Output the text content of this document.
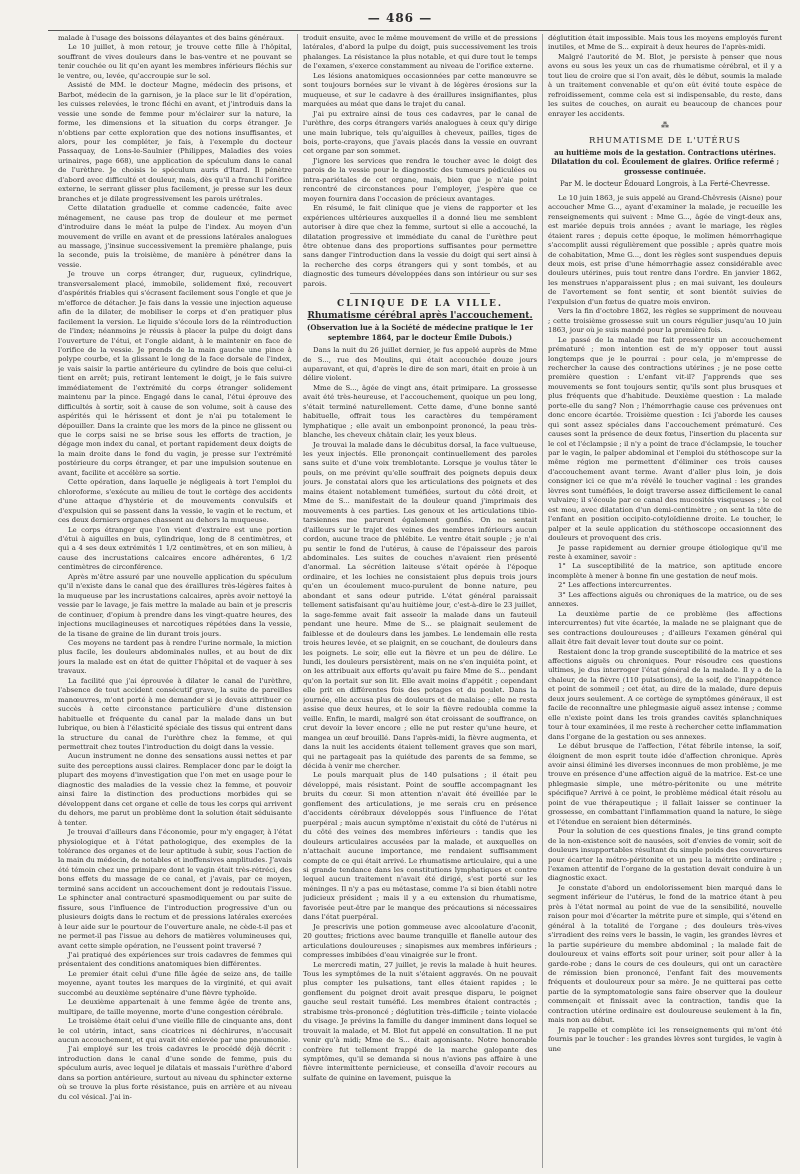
— 486 —

malade à l'usage des boissons délayantes et des bains généraux.

Le 10 juillet, à mon retour, je trouve cette fille à l'hôpital, souffrant de vives douleurs dans le bas-ventre et ne pouvant se tenir couchée ou lit qu'en ayant les membres inférieurs fléchis sur le ventre, ou, levée, qu'accroupie sur le sol.

Assisté de MM. le docteur Magne, médecin des prisons, et Barbot, médecin de la garnison, je la place sur le lit d'opération, les cuisses relevées, le tronc fléchi en avant, et j'introduis dans la vessie une sonde de femme pour m'éclairer sur la nature, la forme, les dimensions et la situation du corps étranger. Je n'obtiens par cette exploration que des notions insuffisantes, et alors, pour les compléter, je fais, à l'exemple du docteur Passaquay, de Lons-le-Saulnier (Philippes, Maladies des voies urinaires, page 668), une application de spéculum dans le canal de l'urèthre. Je choisis le spéculum auris d'Itard. Il pénètre d'abord avec difficulté et douleur, mais, dès qu'il a franchi l'orifice externe, le serrant glisser plus facilement, je presse sur les deux branches et je dilate progressivement les parois urétrales.

Cette dilatation graduelle et comme cadencée, faite avec ménagement, ne cause pas trop de douleur et me permet d'introduire dans le méat la pulpe de l'index. Au moyen d'un mouvement de vrille en avant et de pressions latérales analogues au massage, j'insinue successivement la première phalange, puis la seconde, puis la troisième, de manière à pénétrer dans la vessie.

Je trouve un corps étranger, dur, rugueux, cylindrique, transversalement placé, immobile, solidement fixé, recouvert d'aspérités friables qui s'écrasent facilement sous l'ongle et que je m'efforce de détacher. Je fais dans la vessie une injection aqueuse afin de la dilater, de mobiliser le corps et d'en pratiquer plus facilement la version. Le liquide s'écoule lors de la réintroduction de l'index; néanmoins je réussis à placer la pulpe du doigt dans l'ouverture de l'étui, et l'ongle aidant, à le maintenir en face de l'orifice de la vessie. Je prends de la main gauche une pince à polype courbe, et la glissant le long de la face dorsale de l'index, je vais saisir la partie antérieure du cylindre de bois que celui-ci tient en arrêt; puis, retirant lentement le doigt, je le fais suivre immédiatement de l'extrémité du corps étranger solidement maintenu par la pince. Engagé dans le canal, l'étui éprouve des difficultés à sortir, soit à cause de son volume, soit à cause des aspérités qui le hérissent et dont je n'ai pu totalement le dépouiller. Dans la crainte que les mors de la pince ne glissent ou que le corps saisi ne se brise sous les efforts de traction, je dégage mon index du canal, et portant rapidement deux doigts de la main droite dans le fond du vagin, je presse sur l'extrémité postérieure du corps étranger, et par une impulsion soutenue en avant, facilite et accélère sa sortie.

Cette opération, dans laquelle je négligeais à tort l'emploi du chloroforme, s'exécute au milieu de tout le cortège des accidents d'une attaque d'hystérie et de mouvements convulsifs et d'expulsion qui se passent dans la vessie, le vagin et le rectum, et ces deux derniers organes chassent au dehors la muqueuse.

Le corps étranger que l'on vient d'extraire est une portion d'étui à aiguilles en buis, cylindrique, long de 8 centimètres, et qui a 4 ses deux extrémités 1 1/2 centimètres, et en son milieu, à cause des incrustations calcaires encore adhérentes, 6 1/2 centimètres de circonférence.

Après m'être assuré par une nouvelle application du spéculum qu'il n'existe dans le canal que des éraillures très-légères faites à la muqueuse par les incrustations calcaires, après avoir nettoyé la vessie par le lavage, je fais mettre la malade au bain et je prescris de continuer, d'opium à prendre dans les vingt-quatre heures, des injections mucilagineuses et narcotiques répétées dans la vessie, de la tisane de graine de lin durant trois jours.

Ces moyens ne tardent pas à rendre l'urine normale, la miction plus facile, les douleurs abdominales nulles, et au bout de dix jours la malade est en état de quitter l'hôpital et de vaquer à ses travaux.

La facilité que j'ai éprouvée à dilater le canal de l'urèthre, l'absence de tout accident consécutif grave, la suite de pareilles manœuvres, m'ont porté à me demander si je devais attribuer ce succès à cette circonstance particulière d'une distension habituelle et fréquente du canal par la malade dans un but lubrique, ou bien à l'élasticité spéciale des tissus qui entrent dans la structure du canal de l'urèthre chez la femme, et qui permettrait chez toutes l'introduction du doigt dans la vessie.

Aucun instrument ne donne des sensations aussi nettes et par suite des perceptions aussi claires. Remplacer donc par le doigt la plupart des moyens d'investigation que l'on met en usage pour le diagnostic des maladies de la vessie chez la femme, et pouvoir ainsi faire la distinction des productions morbides qui se développent dans cet organe et celle de tous les corps qui arrivent du dehors, me parut un problème dont la solution était séduisante à tenter.

Je trouvai d'ailleurs dans l'économie, pour m'y engager, à l'état physiologique et à l'état pathologique, des exemples de la tolérance des organes et de leur aptitude à subir, sous l'action de la main du médecin, de notables et inoffensives amplitudes. J'avais été témoin chez une primipare dont le vagin était très-rétréci, des bons effets du massage de ce canal, et j'avais, par ce moyen, terminé sans accident un accouchement dont je redoutais l'issue. Le sphincter anal contracturé spasmodiquement ou par suite de fissure, sous l'influence de l'introduction progressive d'un ou plusieurs doigts dans le rectum et de pressions latérales exercées à leur aide sur le pourtour de l'ouverture anale, ne cède-t-il pas et ne permet-il pas l'issue au dehors de matières volumineuses qui, avant cette simple opération, ne l'eussent point traversé ?

J'ai pratiqué des expériences sur trois cadavres de femmes qui présentaient des conditions anatomiques bien différentes.

Le premier était celui d'une fille âgée de seize ans, de taille moyenne, ayant toutes les marques de la virginité, et qui avait succombé au deuxième septénaire d'une fièvre typhoïde.

Le deuxième appartenait à une femme âgée de trente ans, multipare, de taille moyenne, morte d'une congestion cérébrale.

Le troisième était celui d'une vieille fille de cinquante ans, dont le col utérin, intact, sans cicatrices ni déchirures, n'accusait aucun accouchement, et qui avait été enlevée par une pneumonie.

J'ai employé sur les trois cadavres le procédé déjà décrit : introduction dans le canal d'une sonde de femme, puis du spéculum auris, avec lequel je dilatais et massais l'urèthre d'abord dans sa portion antérieure, surtout au niveau du sphincter externe où se trouve la plus forte résistance, puis en arrière et au niveau du col vésical. J'ai in-

troduit ensuite, avec le même mouvement de vrille et de pressions latérales, d'abord la pulpe du doigt, puis successivement les trois phalanges. La résistance la plus notable, et qui dure tout le temps de l'examen, s'exerce constamment au niveau de l'orifice externe.

Les lésions anatomiques occasionnées par cette manœuvre se sont toujours bornées sur le vivant à de légères érosions sur la muqueuse, et sur le cadavre à des éraillures insignifiantes, plus marquées au méat que dans le trajet du canal.

J'ai pu extraire ainsi de tous ces cadavres, par le canal de l'urèthre, des corps étrangers variés analogues à ceux qu'y dirige une main lubrique, tels qu'aiguilles à cheveux, pailles, tiges de bois, porte-crayons, que j'avais placés dans la vessie en ouvrant cet organe par son sommet.

J'ignore les services que rendra le toucher avec le doigt des parois de la vessie pour le diagnostic des tumeurs pédiculées ou intra-pariétales de cet organe, mais, bien que je n'aie point rencontré de circonstances pour l'employer, j'espère que ce moyen fournira dans l'occasion de précieux avantages.

En résumé, le fait clinique que je viens de rapporter et les expériences ultérieures auxquelles il a donné lieu me semblent autoriser à dire que chez la femme, surtout si elle a accouché, la dilatation progressive et immédiate du canal de l'urèthre peut être obtenue dans des proportions suffisantes pour permettre sans danger l'introduction dans la vessie du doigt qui sert ainsi à la recherche des corps étrangers qui y sont tombés, et au diagnostic des tumeurs développées dans son intérieur ou sur ses parois.

CLINIQUE DE LA VILLE.
Rhumatisme cérébral après l'accouchement.
(Observation lue à la Société de médecine pratique le 1er septembre 1864, par le docteur Émile Dubois.)

Dans la nuit du 26 juillet dernier, je fus appelé auprès de Mme de S..., rue des Moulins, qui était accouchée douze jours auparavant, et qui, d'après le dire de son mari, était en proie à un délire violent.

Mme de S..., âgée de vingt ans, était primipare. La grossesse avait été très-heureuse, et l'accouchement, quoique un peu long, s'était terminé naturellement. Cette dame, d'une bonne santé habituelle, offrait tous les caractères du tempérament lymphatique ; elle avait un embonpoint prononcé, la peau très-blanche, les cheveux châtain clair, les yeux bleus.

Je trouvai la malade dans le décubitus dorsal, la face vultueuse, les yeux injectés. Elle prononçait continuellement des paroles sans suite et d'une voix tremblotante. Lorsque je voulus tâter le pouls, on me prévint qu'elle souffrait des poignets depuis deux jours. Je constatai alors que les articulations des poignets et des mains étaient notablement tuméfiées, surtout du côté droit, et Mme de S... manifestait de la douleur quand j'imprimais des mouvements à ces parties. Les genoux et les articulations tibio-tarsiennes me parurent également gonflés. On ne sentait d'ailleurs sur le trajet des veines des membres inférieurs aucun cordon, aucune trace de phlébite. Le ventre était souple ; je n'ai pu sentir le fond de l'utérus, à cause de l'épaisseur des parois abdominales. Les suites de couches n'avaient rien présenté d'anormal. La sécrétion laiteuse s'était opérée à l'époque ordinaire, et les lochies ne consistaient plus depuis trois jours qu'en un écoulement muco-purulent de bonne nature, peu abondant et sans odeur putride. L'état général paraissait tellement satisfaisant qu'au huitième jour, c'est-à-dire le 23 juillet, la sage-femme avait fait asseoir la malade dans un fauteuil pendant une heure. Mme de S... se plaignait seulement de faiblesse et de douleurs dans les jambes. Le lendemain elle resta trois heures levée, et se plaignit, en se couchant, de douleurs dans les poignets. Le soir, elle eut la fièvre et un peu de délire. Le lundi, les douleurs persistèrent, mais on ne s'en inquiéta point, et on les attribuait aux efforts qu'avait pu faire Mme de S... pendant qu'on la portait sur son lit. Elle avait moins d'appétit ; cependant elle prit en différentes fois des potages et du poulet. Dans la journée, elle accusa plus de douleurs et de malaise ; elle ne resta assise que deux heures, et le soir la fièvre redoubla comme la veille. Enfin, le mardi, malgré son état croissant de souffrance, on crut devoir la lever encore ; elle ne put rester qu'une heure, et mangea un œuf brouillé. Dans l'après-midi, la fièvre augmenta, et dans la nuit les accidents étaient tellement graves que son mari, qui ne partageait pas la quiétude des parents de sa femme, se décida à venir me chercher.

Le pouls marquait plus de 140 pulsations ; il était peu développé, mais résistant. Point de souffle accompagnant les bruits du cœur. Si mon attention n'avait été éveillée par le gonflement des articulations, je me serais cru en présence d'accidents cérébraux développés sous l'influence de l'état puerpéral ; mais aucun symptôme n'existait du côté de l'utérus ni du côté des veines des membres inférieurs : tandis que les douleurs articulaires accusées par la malade, et auxquelles on n'attachait aucune importance, me rendaient suffisamment compte de ce qui était arrivé. Le rhumatisme articulaire, qui a une si grande tendance dans les constitutions lymphatiques et contre lequel aucun traitement n'avait été dirigé, s'est porté sur les méninges. Il n'y a pas eu métastase, comme l'a si bien établi notre judicieux président ; mais il y a eu extension du rhumatisme, favorisée peut-être par le manque des précautions si nécessaires dans l'état puerpéral.

Je prescrivis une potion gommeuse avec alcoolature d'aconit, 20 gouttes; frictions avec baume tranquille et flanelle autour des articulations douloureuses ; sinapismes aux membres inférieurs ; compresses imbibées d'eau vinaigrée sur le front.

Le mercredi matin, 27 juillet, je revis la malade à huit heures. Tous les symptômes de la nuit s'étaient aggravés. On ne pouvait plus compter les pulsations, tant elles étaient rapides ; le gonflement du poignet droit avait presque disparu, le poignet gauche seul restait tuméfié. Les membres étaient contractés ; strabisme très-prononcé ; déglutition très-difficile ; teinte violacée du visage. Je prévins la famille du danger imminent dans lequel se trouvait la malade, et M. Blot fut appelé en consultation. Il ne put venir qu'à midi; Mme de S... était agonisante. Notre honorable confrère fut tellement frappé de la marche galopante des symptômes, qu'il se demanda si nous n'avions pas affaire à une fièvre intermittente pernicieuse, et conseilla d'avoir recours au sulfate de quinine en lavement, puisque la

déglutition était impossible. Mais tous les moyens employés furent inutiles, et Mme de S... expirait à deux heures de l'après-midi.

Malgré l'autorité de M. Blot, je persiste à penser que nous avons eu sous les yeux un cas de rhumatisme cérébral, et il y a tout lieu de croire que si l'on avait, dès le début, soumis la malade à un traitement convenable et qu'on eût évité toute espèce de refroidissement, comme cela est si indispensable, du reste, dans les suites de couches, on aurait eu beaucoup de chances pour enrayer les accidents.

⁂
RHUMATISME DE L'UTÉRUS
au huitième mois de la gestation. Contractions utérines. Dilatation du col. Écoulement de glaires. Orifice refermé ; grossesse continuée.
Par M. le docteur Édouard Longrois, à La Ferté-Chevresse.

Le 10 juin 1863, je suis appelé au Grand-Chêvresis (Aisne) pour accoucher Mme G..., ayant d'examiner la malade, je recueille les renseignements qui suivent : Mme G..., âgée de vingt-deux ans, est mariée depuis trois années ; avant le mariage, les règles étaient rares ; depuis cette époque, le molimen hémorrhagique s'accomplit aussi régulièrement que possible ; après quatre mois de cohabitation, Mme G..., dont les règles sont suspendues depuis deux mois, est prise d'une hémorrhagie assez considérable avec douleurs utérines, puis tout rentre dans l'ordre. En janvier 1862, les menstrues n'apparaissent plus ; en mai suivant, les douleurs de l'avortement se font sentir, et sont bientôt suivies de l'expulsion d'un fœtus de quatre mois environ.

Vers la fin d'octobre 1862, les règles se suppriment de nouveau ; cette troisième grossesse suit un cours régulier jusqu'au 10 juin 1863, jour où je suis mandé pour la première fois.

Le passé de la malade me fait pressentir un accouchement prématuré ; mon intention est de m'y opposer tout aussi longtemps que je le pourrai : pour cela, je m'empresse de rechercher la cause des contractions utérines ; je ne pose cette première question : L'enfant vit-il? J'apprends que ses mouvements se font toujours sentir, qu'ils sont plus brusques et plus fréquents que d'habitude. Deuxième question : La malade porte-elle du sang? Non ; l'hémorrhagie cause ces prévenues ont donc encore écartée. Troisième question : Ici j'aborde les causes qui sont assez spéciales dans l'accouchement prématuré. Ces causes sont la présence de deux fœtus, l'insertion du placenta sur le col et l'éclampsie ; il n'y a point de trace d'éclampsie, le toucher par le vagin, le palper abdominal et l'emploi du stéthoscope sur la même région me permettent d'éliminer ces trois causes d'accouchement avant terme. Avant d'aller plus loin, je dois consigner ici ce que m'a révélé le toucher vaginal : les grandes lèvres sont tuméfiées, le doigt traverse assez difficilement le canal vulvaire; il s'écoule par ce canal des mucosités visqueuses ; le col est mou, avec dilatation d'un demi-centimètre ; on sent la tête de l'enfant en position occipito-cotyloïdienne droite. Le toucher, le palper et la seule application du stéthoscope occasionnent des douleurs et provoquent des cris.

Je passe rapidement au dernier groupe étiologique qu'il me reste à examiner, savoir :

1° La susceptibilité de la matrice, son aptitude encore incomplète à mener à bonne fin une gestation de neuf mois.

2° Les affections intercurrentes.

3° Les affections aiguës ou chroniques de la matrice, ou de ses annexes.

La deuxième partie de ce problème (les affections intercurrentes) fut vite écartée, la malade ne se plaignant que de ses contractions douloureuses ; d'ailleurs l'examen général qui allait être fait devait lever tout doute sur ce point.

Restaient donc la trop grande susceptibilité de la matrice et ses affections aiguës ou chroniques. Pour résoudre ces questions ultimes, je dus interroger l'état général de la malade. Il y a de la chaleur, de la fièvre (110 pulsations), de la soif, de l'inappétence et point de sommeil ; cet état, au dire de la malade, dure depuis deux jours seulement. A ce cortège de symptômes généraux, il est facile de reconnaître une phlegmasie aiguë assez intense ; comme elle n'existe point dans les trois grandes cavités splanchniques tour à tour examinées, il me reste à rechercher cette inflammation dans l'organe de la gestation ou ses annexes.

Le début brusque de l'affection, l'état fébrile intense, la soif, éloignent de mon esprit toute idée d'affection chronique. Après avoir ainsi éliminé les diverses inconnues de mon problème, je me trouve en présence d'une affection aiguë de la matrice. Est-ce une phlegmasie simple, une métro-péritonite ou une métrite spécifique? Arrivé à ce point, le problème médical était résolu au point de vue thérapeutique ; il fallait laisser se continuer la grossesse, en combattant l'inflammation quand la nature, le siège et l'étendue en seraient bien déterminés.

Pour la solution de ces questions finales, je tins grand compte de la non-existence soit de nausées, soit d'envies de vomir, soit de douleurs insupportables résultant du simple poids des couvertures pour écarter la métro-péritonite et un peu la métrite ordinaire ; l'examen attentif de l'organe de la gestation devait conduire à un diagnostic exact.

Je constate d'abord un endolorissement bien marqué dans le segment inférieur de l'utérus, le fond de la matrice étant à peu près à l'état normal au point de vue de la sensibilité, nouvelle raison pour moi d'écarter la métrite pure et simple, qui s'étend en général à la totalité de l'organe ; des douleurs très-vives s'irradient des reins vers le bassin, le vagin, les grandes lèvres et la partie supérieure du membre abdominal ; la malade fait de douloureux et vains efforts soit pour uriner, soit pour aller à la garde-robe ; dans le cours de ces douleurs, qui ont un caractère de rémission bien prononcé, l'enfant fait des mouvements fréquents et douloureux pour sa mère. Je ne quitterai pas cette partie de la symptomatologie sans faire observer que la douleur commençait et finissait avec la contraction, tandis que la contraction utérine ordinaire est douloureuse seulement à la fin, mais non au début.

Je rappelle et complète ici les renseignements qui m'ont été fournis par le toucher : les grandes lèvres sont turgides, le vagin à une
